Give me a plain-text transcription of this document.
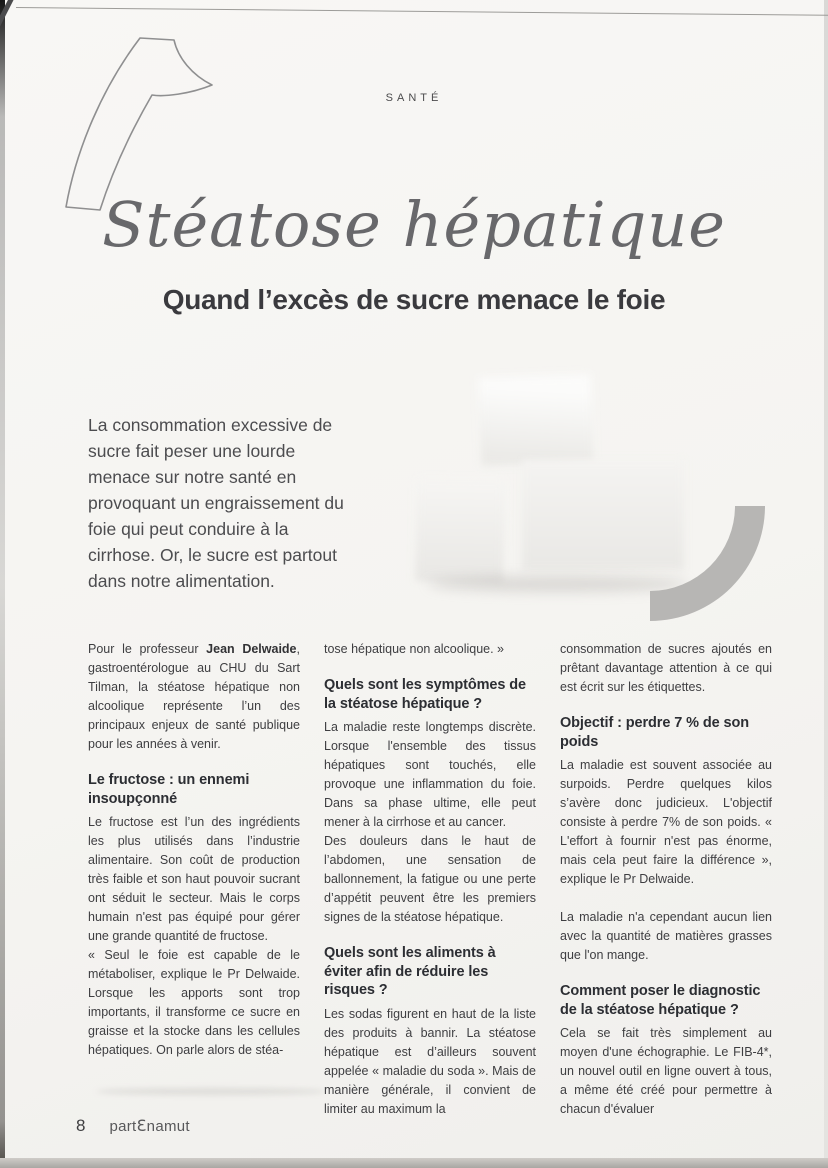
SANTÉ
Stéatose hépatique
Quand l’excès de sucre menace le foie

La consommation excessive de sucre fait peser une lourde menace sur notre santé en provoquant un engraissement du foie qui peut conduire à la cirrhose. Or, le sucre est partout dans notre alimentation.

Pour le professeur Jean Delwaide, gastroentérologue au CHU du Sart Tilman, la stéatose hépatique non alcoolique représente l’un des principaux enjeux de santé publique pour les années à venir.

Le fructose : un ennemi insoupçonné

Le fructose est l’un des ingrédients les plus utilisés dans l’industrie alimentaire. Son coût de production très faible et son haut pouvoir sucrant ont séduit le secteur. Mais le corps humain n'est pas équipé pour gérer une grande quantité de fructose.

« Seul le foie est capable de le métaboliser, explique le Pr Delwaide. Lorsque les apports sont trop importants, il transforme ce sucre en graisse et la stocke dans les cellules hépatiques. On parle alors de stéa-

tose hépatique non alcoolique. »

Quels sont les symptômes de la stéatose hépatique ?

La maladie reste longtemps discrète. Lorsque l'ensemble des tissus hépatiques sont touchés, elle provoque une inflammation du foie. Dans sa phase ultime, elle peut mener à la cirrhose et au cancer.

Des douleurs dans le haut de l’abdomen, une sensation de ballonnement, la fatigue ou une perte d’appétit peuvent être les premiers signes de la stéatose hépatique.

Quels sont les aliments à éviter afin de réduire les risques ?

Les sodas figurent en haut de la liste des produits à bannir. La stéatose hépatique est d’ailleurs souvent appelée « maladie du soda ». Mais de manière générale, il convient de limiter au maximum la

consommation de sucres ajoutés en prêtant davantage attention à ce qui est écrit sur les étiquettes.

Objectif : perdre 7 % de son poids

La maladie est souvent associée au surpoids. Perdre quelques kilos s’avère donc judicieux. L'objectif consiste à perdre 7% de son poids. « L'effort à fournir n'est pas énorme, mais cela peut faire la différence », explique le Pr Delwaide.

La maladie n'a cependant aucun lien avec la quantité de matières grasses que l'on mange.

Comment poser le diagnostic de la stéatose hépatique ?

Cela se fait très simplement au moyen d'une échographie. Le FIB-4*, un nouvel outil en ligne ouvert à tous, a même été créé pour permettre à chacun d'évaluer

8 partƐnamut
